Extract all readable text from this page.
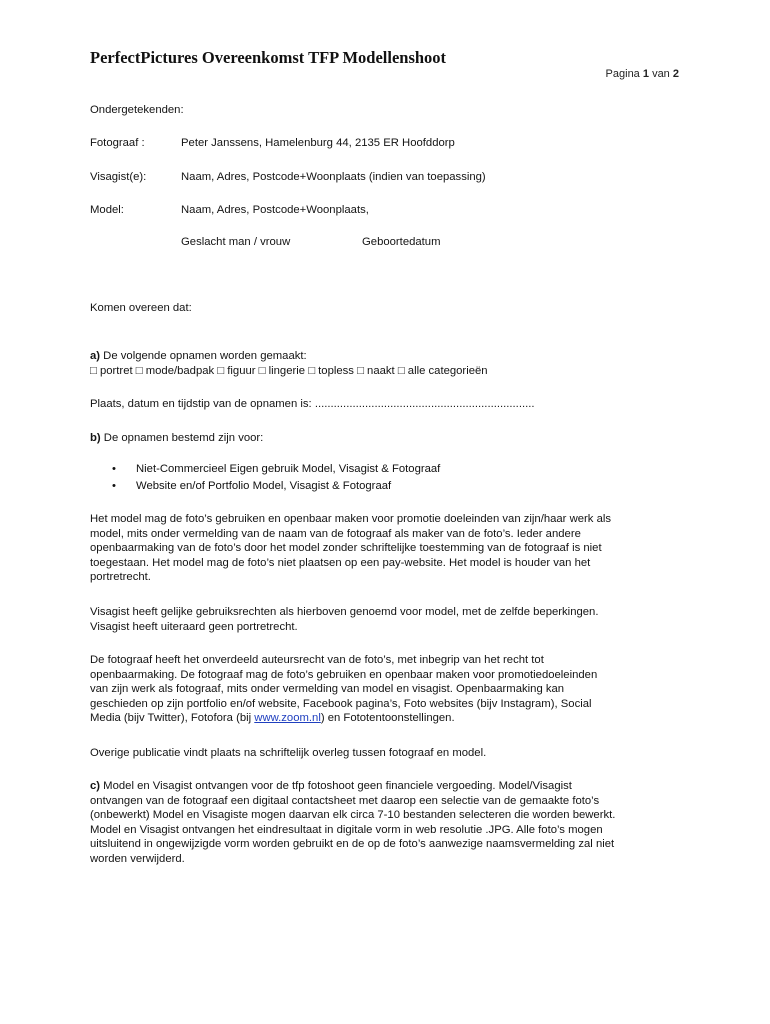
PerfectPictures Overeenkomst TFP Modellenshoot
Pagina 1 van 2

Ondergetekenden:

Fotograaf :	Peter Janssens, Hamelenburg 44, 2135 ER Hoofddorp

Visagist(e):	Naam, Adres, Postcode+Woonplaats (indien van toepassing)

Model:	Naam, Adres, Postcode+Woonplaats,
Geslacht man / vrouw	Geboortedatum

Komen overeen dat:

a) De volgende opnamen worden gemaakt:

□ portret □ mode/badpak □ figuur □ lingerie □ topless □ naakt □ alle categorieën

Plaats, datum en tijdstip van de opnamen is: ......................................................................

b) De opnamen bestemd zijn voor:

• Niet-Commercieel Eigen gebruik Model, Visagist & Fotograaf
• Website en/of Portfolio Model, Visagist & Fotograaf
Het model mag de foto’s gebruiken en openbaar maken voor promotie doeleinden van zijn/haar werk als
model, mits onder vermelding van de naam van de fotograaf als maker van de foto’s. Ieder andere
openbaarmaking van de foto’s door het model zonder schriftelijke toestemming van de fotograaf is niet
toegestaan. Het model mag de foto’s niet plaatsen op een pay-website. Het model is houder van het
portretrecht.
Visagist heeft gelijke gebruiksrechten als hierboven genoemd voor model, met de zelfde beperkingen.
Visagist heeft uiteraard geen portretrecht.
De fotograaf heeft het onverdeeld auteursrecht van de foto’s, met inbegrip van het recht tot
openbaarmaking. De fotograaf mag de foto’s gebruiken en openbaar maken voor promotiedoeleinden
van zijn werk als fotograaf, mits onder vermelding van model en visagist. Openbaarmaking kan
geschieden op zijn portfolio en/of website, Facebook pagina’s, Foto websites (bijv Instagram), Social
Media (bijv Twitter), Fotofora (bij www.zoom.nl) en Fototentoonstellingen.

Overige publicatie vindt plaats na schriftelijk overleg tussen fotograaf en model.

c) Model en Visagist ontvangen voor de tfp fotoshoot geen financiele vergoeding. Model/Visagist
ontvangen van de fotograaf een digitaal contactsheet met daarop een selectie van de gemaakte foto’s
(onbewerkt) Model en Visagiste mogen daarvan elk circa 7-10 bestanden selecteren die worden bewerkt.
Model en Visagist ontvangen het eindresultaat in digitale vorm in web resolutie .JPG. Alle foto’s mogen
uitsluitend in ongewijzigde vorm worden gebruikt en de op de foto’s aanwezige naamsvermelding zal niet
worden verwijderd.
